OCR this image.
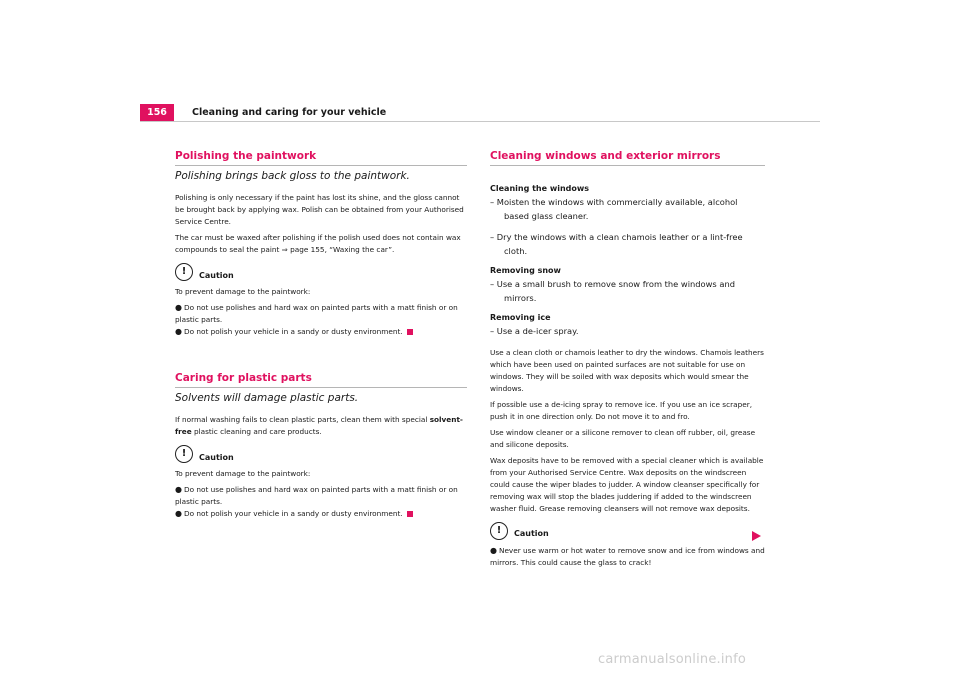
156	Cleaning and caring for your vehicle
Polishing the paintwork
Polishing brings back gloss to the paintwork.

Polishing is only necessary if the paint has lost its shine, and the gloss cannot be brought back by applying wax. Polish can be obtained from your Authorised Service Centre.

The car must be waxed after polishing if the polish used does not contain wax compounds to seal the paint ⇒ page 155, “Waxing the car”.

!	Caution

To prevent damage to the paintwork:

● Do not use polishes and hard wax on painted parts with a matt finish or on plastic parts.

● Do not polish your vehicle in a sandy or dusty environment.

Caring for plastic parts
Solvents will damage plastic parts.

If normal washing fails to clean plastic parts, clean them with special solvent-free plastic cleaning and care products.

!	Caution

To prevent damage to the paintwork:

● Do not use polishes and hard wax on painted parts with a matt finish or on plastic parts.

● Do not polish your vehicle in a sandy or dusty environment.

Cleaning windows and exterior mirrors
Cleaning the windows

– Moisten the windows with commercially available, alcohol based glass cleaner.

– Dry the windows with a clean chamois leather or a lint-free cloth.

Removing snow

– Use a small brush to remove snow from the windows and mirrors.

Removing ice

– Use a de-icer spray.

Use a clean cloth or chamois leather to dry the windows. Chamois leathers which have been used on painted surfaces are not suitable for use on windows. They will be soiled with wax deposits which would smear the windows.

If possible use a de-icing spray to remove ice. If you use an ice scraper, push it in one direction only. Do not move it to and fro.

Use window cleaner or a silicone remover to clean off rubber, oil, grease and silicone deposits.

Wax deposits have to be removed with a special cleaner which is available from your Authorised Service Centre. Wax deposits on the windscreen could cause the wiper blades to judder. A window cleanser specifically for removing wax will stop the blades juddering if added to the windscreen washer fluid. Grease removing cleansers will not remove wax deposits.

!	Caution

● Never use warm or hot water to remove snow and ice from windows and mirrors. This could cause the glass to crack!

carmanualsonline.info
